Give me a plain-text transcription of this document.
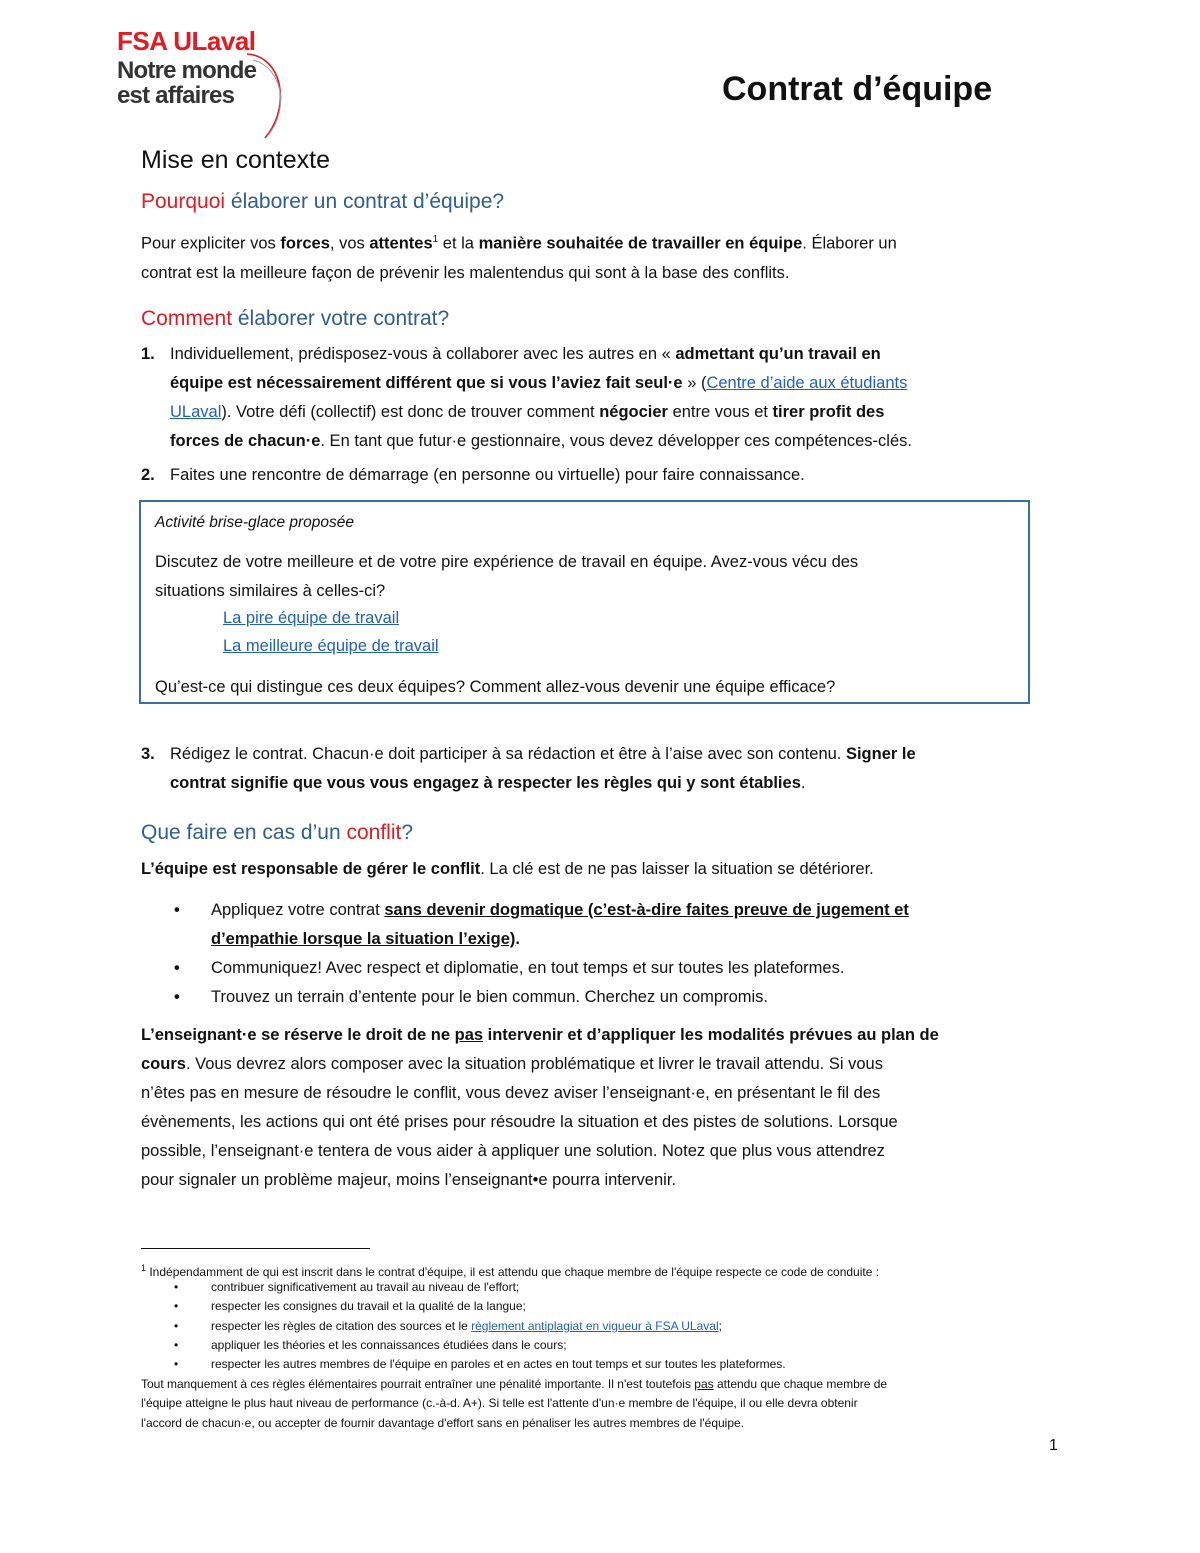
FSA ULaval
Notre monde
est affaires	Contrat d’équipe
Mise en contexte
Pourquoi élaborer un contrat d’équipe?
Pour expliciter vos forces, vos attentes$^1$ et la manière souhaitée de travailler en équipe. Élaborer un
contrat est la meilleure façon de prévenir les malentendus qui sont à la base des conflits.
Comment élaborer votre contrat?
1. Individuellement, prédisposez-vous à collaborer avec les autres en « admettant qu’un travail en
équipe est nécessairement différent que si vous l’aviez fait seul·e » (Centre d’aide aux étudiants
ULaval). Votre défi (collectif) est donc de trouver comment négocier entre vous et tirer profit des
forces de chacun·e. En tant que futur·e gestionnaire, vous devez développer ces compétences-clés.
2. Faites une rencontre de démarrage (en personne ou virtuelle) pour faire connaissance.
Activité brise-glace proposée
Discutez de votre meilleure et de votre pire expérience de travail en équipe. Avez-vous vécu des
situations similaires à celles-ci?
La pire équipe de travail
La meilleure équipe de travail
Qu’est-ce qui distingue ces deux équipes? Comment allez-vous devenir une équipe efficace?
3. Rédigez le contrat. Chacun·e doit participer à sa rédaction et être à l’aise avec son contenu. Signer le
contrat signifie que vous vous engagez à respecter les règles qui y sont établies.
Que faire en cas d’un conflit?
L’équipe est responsable de gérer le conflit. La clé est de ne pas laisser la situation se détériorer.
• Appliquez votre contrat sans devenir dogmatique (c’est-à-dire faites preuve de jugement et
d’empathie lorsque la situation l’exige).
• Communiquez! Avec respect et diplomatie, en tout temps et sur toutes les plateformes.
• Trouvez un terrain d’entente pour le bien commun. Cherchez un compromis.
L’enseignant·e se réserve le droit de ne pas intervenir et d’appliquer les modalités prévues au plan de
cours. Vous devrez alors composer avec la situation problématique et livrer le travail attendu. Si vous
n’êtes pas en mesure de résoudre le conflit, vous devez aviser l’enseignant·e, en présentant le fil des
évènements, les actions qui ont été prises pour résoudre la situation et des pistes de solutions. Lorsque
possible, l’enseignant·e tentera de vous aider à appliquer une solution. Notez que plus vous attendrez
pour signaler un problème majeur, moins l’enseignant•e pourra intervenir.
$^1$ Indépendamment de qui est inscrit dans le contrat d'équipe, il est attendu que chaque membre de l'équipe respecte ce code de conduite :
•	contribuer significativement au travail au niveau de l'effort;
•	respecter les consignes du travail et la qualité de la langue;
•	respecter les règles de citation des sources et le règlement antiplagiat en vigueur à FSA ULaval;
•	appliquer les théories et les connaissances étudiées dans le cours;
•	respecter les autres membres de l'équipe en paroles et en actes en tout temps et sur toutes les plateformes.
Tout manquement à ces règles élémentaires pourrait entraîner une pénalité importante. Il n'est toutefois pas attendu que chaque membre de
l'équipe atteigne le plus haut niveau de performance (c.-à-d. A+). Si telle est l'attente d'un·e membre de l'équipe, il ou elle devra obtenir
l'accord de chacun·e, ou accepter de fournir davantage d'effort sans en pénaliser les autres membres de l'équipe.
1
